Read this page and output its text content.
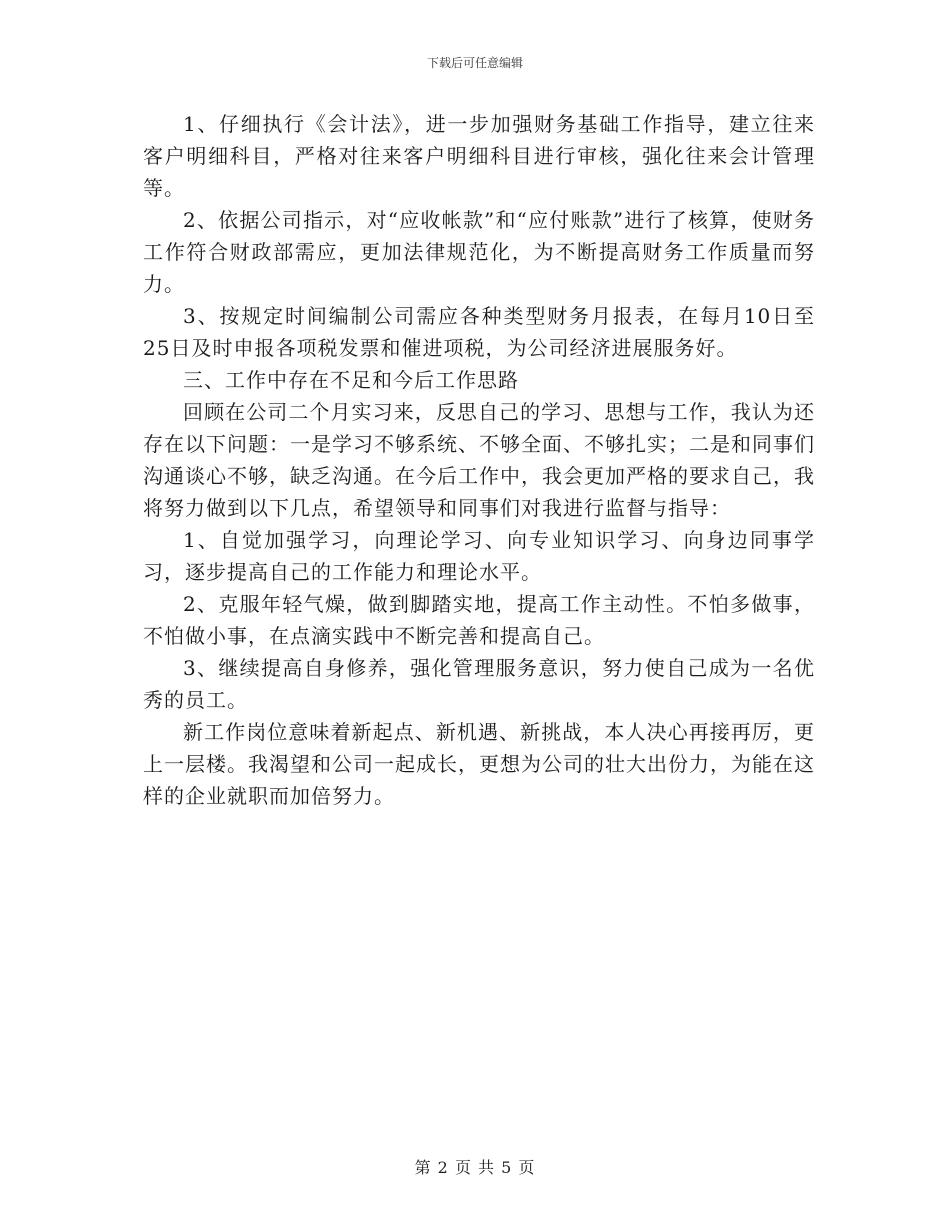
下载后可任意编辑

1、仔细执行《会计法》，进一步加强财务基础工作指导，建立往来客户明细科目，严格对往来客户明细科目进行审核，强化往来会计管理等。

2、依据公司指示，对“应收帐款”和“应付账款”进行了核算，使财务工作符合财政部需应，更加法律规范化，为不断提高财务工作质量而努力。

3、按规定时间编制公司需应各种类型财务月报表，在每月10日至25日及时申报各项税发票和催进项税，为公司经济进展服务好。

三、工作中存在不足和今后工作思路

回顾在公司二个月实习来，反思自己的学习、思想与工作，我认为还存在以下问题：一是学习不够系统、不够全面、不够扎实；二是和同事们沟通谈心不够，缺乏沟通。在今后工作中，我会更加严格的要求自己，我将努力做到以下几点，希望领导和同事们对我进行监督与指导：

1、自觉加强学习，向理论学习、向专业知识学习、向身边同事学习，逐步提高自己的工作能力和理论水平。

2、克服年轻气燥，做到脚踏实地，提高工作主动性。不怕多做事，不怕做小事，在点滴实践中不断完善和提高自己。

3、继续提高自身修养，强化管理服务意识，努力使自己成为一名优秀的员工。

新工作岗位意味着新起点、新机遇、新挑战，本人决心再接再厉，更上一层楼。我渴望和公司一起成长，更想为公司的壮大出份力，为能在这样的企业就职而加倍努力。

第 2 页 共 5 页
